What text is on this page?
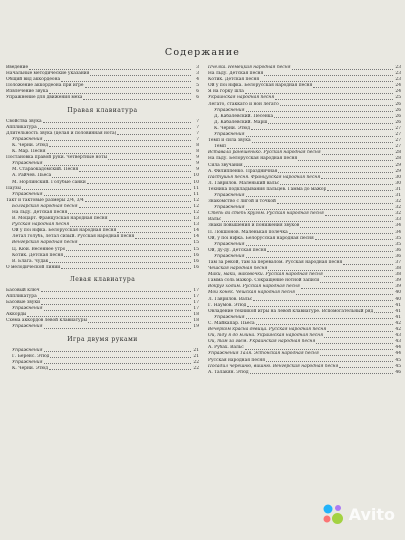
Содержание
Введение	3
Начальные методические указания	3
Общий вид аккордеона	4
Положение аккордеона при игре	5
Извлечение звука	6
Упражнение для движения меха	6
Правая клавиатура
Свойства звука	7
Аппликатура	7
Длительность звука (целая и половинная нота)	7
Упражнения	7
К. Черни. Этюд	8
К. Мар. Песня	8
Постановка правой руки. Четвертные ноты	9
Упражнения	9
М. Стараокадомский. Песня	9
А. Райчев. Пьеса	10
М. Норлинский. Голубые санки	10
Паузы	11
Упражнения	11
Такт и тактовые размеры 2/4, 3/4	12
Болгарская народная песня	12
На льду. Детская песня	12
В. Моцарт. Французская народная песня	13
Русская народная песня	13
Ой у поі ніфка. Белорусская народная песня	14
Летал голубь, летал сизый. Русская народная песня	14
Венгерская народная песня	15
Ц. Кюи. Весеннее утро	15
Котик. Детская песня	16
В. Блага. Чудак	16
О мелодической линии	16
Левая клавиатура
Басовый ключ	17
Аппликатура	17
Басовые звуки	17
Упражнения	17
Аккорды	18
Схема аккордов левой клавиатуры	18
Упражнения	19
Игра двумя руками
Упражнения	21
Г. Беренс. Этюд	21
Упражнения	22
К. Черни. Этюд	22
Пчёлка. Немецкая народная песня	23
На льду. Детская песня	23
Котик. Детская песня	23
Ой у поі ніфка. Белорусская народная песня	24
Я на горку шла	24
Украинская народная песня	25
Легато, стаккато и нон легато	26
Упражнения	26
Д. Кабалевский. Песенка	26
Д. Кабалевский. Марш	26
К. Черни. Этюд	27
Упражнения	27
Темп и сила звука	27
Темп	27
Вставала ранешенько. Русская народная песня	28
На льду. Белорусская народная песня	28
Сила звучания	29
А. Филиппенко. Праздничная	29
Пастушья песня. Французская народная песня	30
Л. Гаврилов. Маленький вальс	30
Техника подкладывания пальцев. Гамма до мажор	31
Упражнения	31
Знакомство с лигой и точкой	32
Упражнения	32
Степь да степь кругом. Русская народная песня	32
Вальс	33
Знаки повышения и понижения звуков	34
П. Локшонов. Маленькая полечка	34
Ой, у поі ніфка. Белорусская народная песня	35
Упражнения	35
Ой, ду-ду. Детская песня	36
Упражнения	36
Там за рекой, там за перевалом. Русская народная песня	37
Чешская народная песня	38
Маки, маки, маковочки. Русская народная песня	38
Гамма соль мажор. Сокращение нотной записи	39
Вокруг ходим. Русская народная песня	39
Мой конек. Чешская народная песня	40
Л. Гаврилов. Вальс	40
Г. Наумов. Этюд	41
Овладение техникой игры на левой клавиатуре. Вспомогательный ряд	41
Упражнения	41
С. Майкапар. Пьеса	42
Вечерком красна девица. Русская народная песня	42
Ой, піду я до млина. Украинская народная песня	43
Ой, там за гаєм. Украинская народная песня	43
А. Рубах. Вальс	44
Упражнения Таля. Эстонская народная песня	44
Русская народная песня	45
Посадил черешню, вишню. Венгерская народная песня	45
А. Талакян. Этюд	46
Avito
